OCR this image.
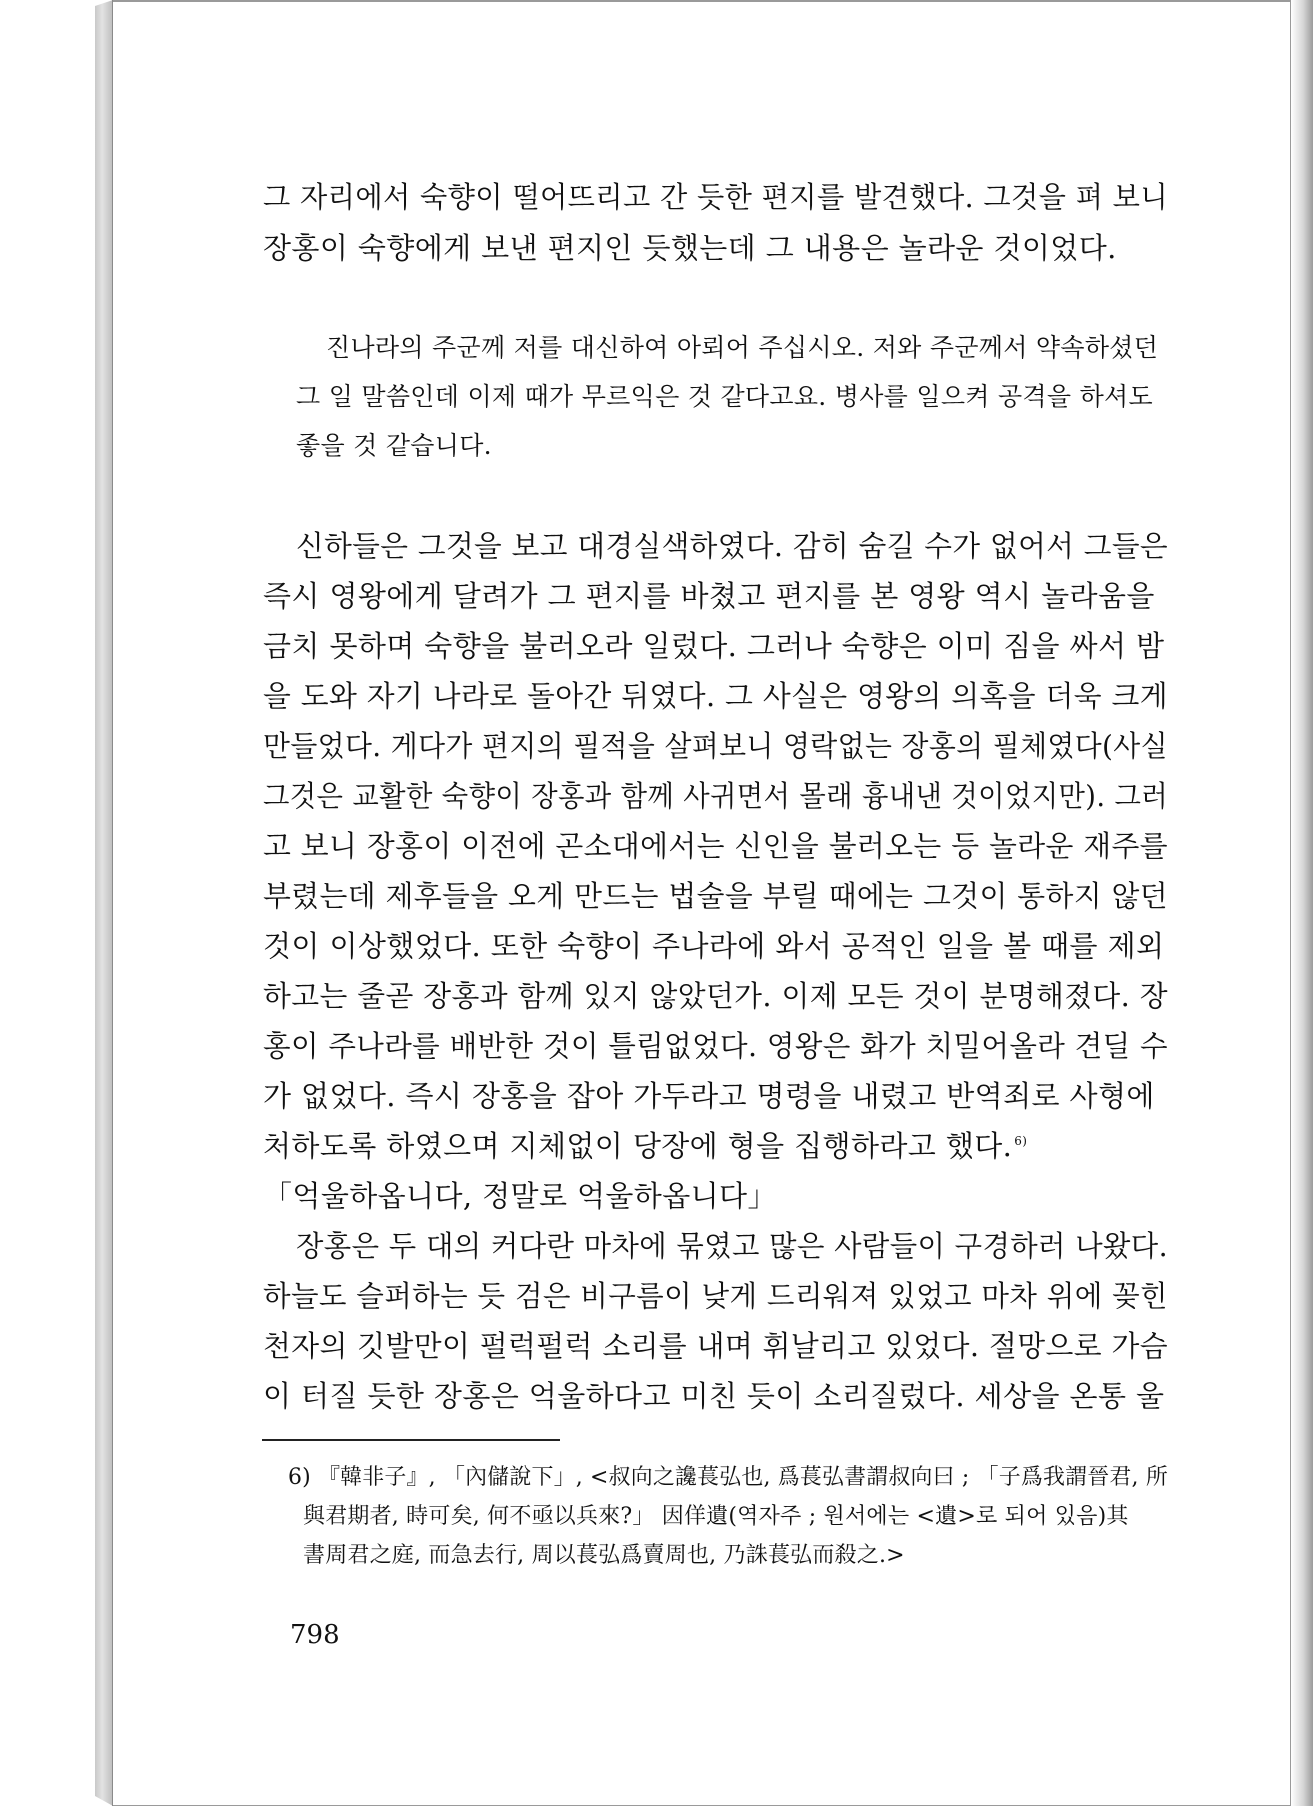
그 자리에서 숙향이 떨어뜨리고 간 듯한 편지를 발견했다. 그것을 펴 보니
장홍이 숙향에게 보낸 편지인 듯했는데 그 내용은 놀라운 것이었다.
진나라의 주군께 저를 대신하여 아뢰어 주십시오. 저와 주군께서 약속하셨던
그 일 말씀인데 이제 때가 무르익은 것 같다고요. 병사를 일으켜 공격을 하셔도
좋을 것 같습니다.
신하들은 그것을 보고 대경실색하였다. 감히 숨길 수가 없어서 그들은
즉시 영왕에게 달려가 그 편지를 바쳤고 편지를 본 영왕 역시 놀라움을
금치 못하며 숙향을 불러오라 일렀다. 그러나 숙향은 이미 짐을 싸서 밤
을 도와 자기 나라로 돌아간 뒤였다. 그 사실은 영왕의 의혹을 더욱 크게
만들었다. 게다가 편지의 필적을 살펴보니 영락없는 장홍의 필체였다(사실
그것은 교활한 숙향이 장홍과 함께 사귀면서 몰래 흉내낸 것이었지만). 그러
고 보니 장홍이 이전에 곤소대에서는 신인을 불러오는 등 놀라운 재주를
부렸는데 제후들을 오게 만드는 법술을 부릴 때에는 그것이 통하지 않던
것이 이상했었다. 또한 숙향이 주나라에 와서 공적인 일을 볼 때를 제외
하고는 줄곧 장홍과 함께 있지 않았던가. 이제 모든 것이 분명해졌다. 장
홍이 주나라를 배반한 것이 틀림없었다. 영왕은 화가 치밀어올라 견딜 수
가 없었다. 즉시 장홍을 잡아 가두라고 명령을 내렸고 반역죄로 사형에
처하도록 하였으며 지체없이 당장에 형을 집행하라고 했다. $^{6)}$
「억울하옵니다, 정말로 억울하옵니다」
장홍은 두 대의 커다란 마차에 묶였고 많은 사람들이 구경하러 나왔다.
하늘도 슬퍼하는 듯 검은 비구름이 낮게 드리워져 있었고 마차 위에 꽂힌
천자의 깃발만이 펄럭펄럭 소리를 내며 휘날리고 있었다. 절망으로 가슴
이 터질 듯한 장홍은 억울하다고 미친 듯이 소리질렀다. 세상을 온통 울
6) 『韓非子』, 「內儲說下」, <叔向之讒萇弘也, 爲萇弘書謂叔向曰 ; 「子爲我謂晉君, 所
與君期者, 時可矣, 何不亟以兵來?」 因佯遺(역자주 ; 원서에는 <遺>로 되어 있음)其
書周君之庭, 而急去行, 周以萇弘爲賣周也, 乃誅萇弘而殺之.>
798
